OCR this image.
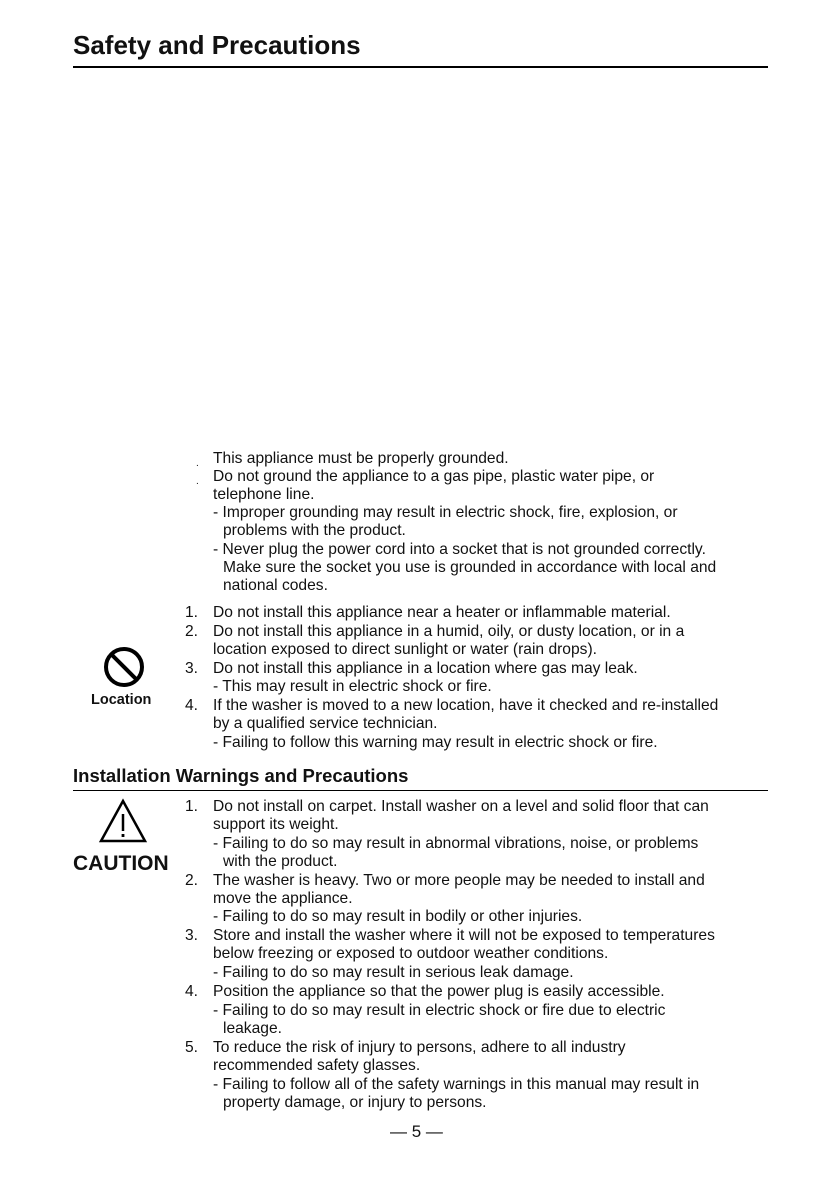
Safety and Precautions
. This appliance must be properly grounded.
. Do not ground the appliance to a gas pipe, plastic water pipe, or
telephone line.
- Improper grounding may result in electric shock, fire, explosion, or
problems with the product.
- Never plug the power cord into a socket that is not grounded correctly.
Make sure the socket you use is grounded in accordance with local and
national codes.
Location
1. Do not install this appliance near a heater or inflammable material.
2. Do not install this appliance in a humid, oily, or dusty location, or in a
location exposed to direct sunlight or water (rain drops).
3. Do not install this appliance in a location where gas may leak.
- This may result in electric shock or fire.
4. If the washer is moved to a new location, have it checked and re-installed
by a qualified service technician.
- Failing to follow this warning may result in electric shock or fire.
Installation Warnings and Precautions
CAUTION
1. Do not install on carpet. Install washer on a level and solid floor that can
support its weight.
- Failing to do so may result in abnormal vibrations, noise, or problems
with the product.
2. The washer is heavy. Two or more people may be needed to install and
move the appliance.
- Failing to do so may result in bodily or other injuries.
3. Store and install the washer where it will not be exposed to temperatures
below freezing or exposed to outdoor weather conditions.
- Failing to do so may result in serious leak damage.
4. Position the appliance so that the power plug is easily accessible.
- Failing to do so may result in electric shock or fire due to electric
leakage.
5. To reduce the risk of injury to persons, adhere to all industry
recommended safety glasses.
- Failing to follow all of the safety warnings in this manual may result in
property damage, or injury to persons.
— 5 —
